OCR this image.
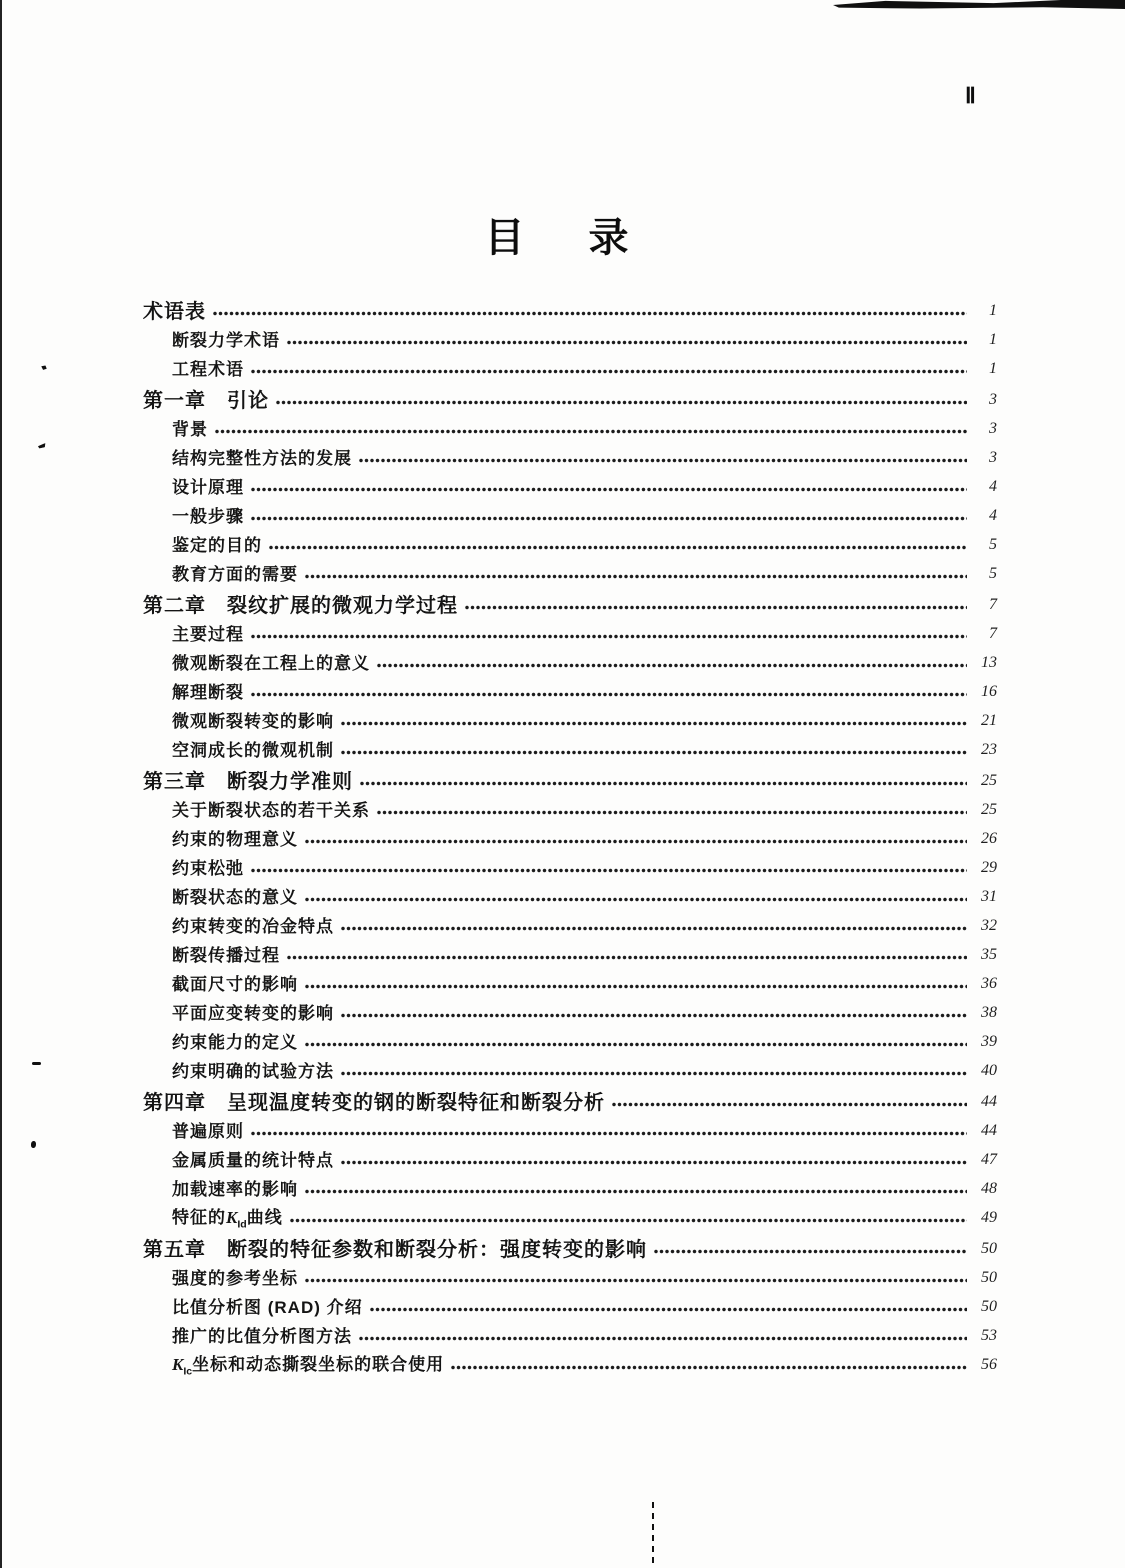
Ⅱ
目　录
术语表	1
断裂力学术语	1
工程术语	1
第一章　引论	3
背景	3
结构完整性方法的发展	3
设计原理	4
一般步骤	4
鉴定的目的	5
教育方面的需要	5
第二章　裂纹扩展的微观力学过程	7
主要过程	7
微观断裂在工程上的意义	13
解理断裂	16
微观断裂转变的影响	21
空洞成长的微观机制	23
第三章　断裂力学准则	25
关于断裂状态的若干关系	25
约束的物理意义	26
约束松弛	29
断裂状态的意义	31
约束转变的冶金特点	32
断裂传播过程	35
截面尺寸的影响	36
平面应变转变的影响	38
约束能力的定义	39
约束明确的试验方法	40
第四章　呈现温度转变的钢的断裂特征和断裂分析	44
普遍原则	44
金属质量的统计特点	47
加载速率的影响	48
特征的$K_{Id}$曲线	49
第五章　断裂的特征参数和断裂分析：强度转变的影响	50
强度的参考坐标	50
比值分析图 (RAD) 介绍	50
推广的比值分析图方法	53
$K_{Ic}$坐标和动态撕裂坐标的联合使用	56
